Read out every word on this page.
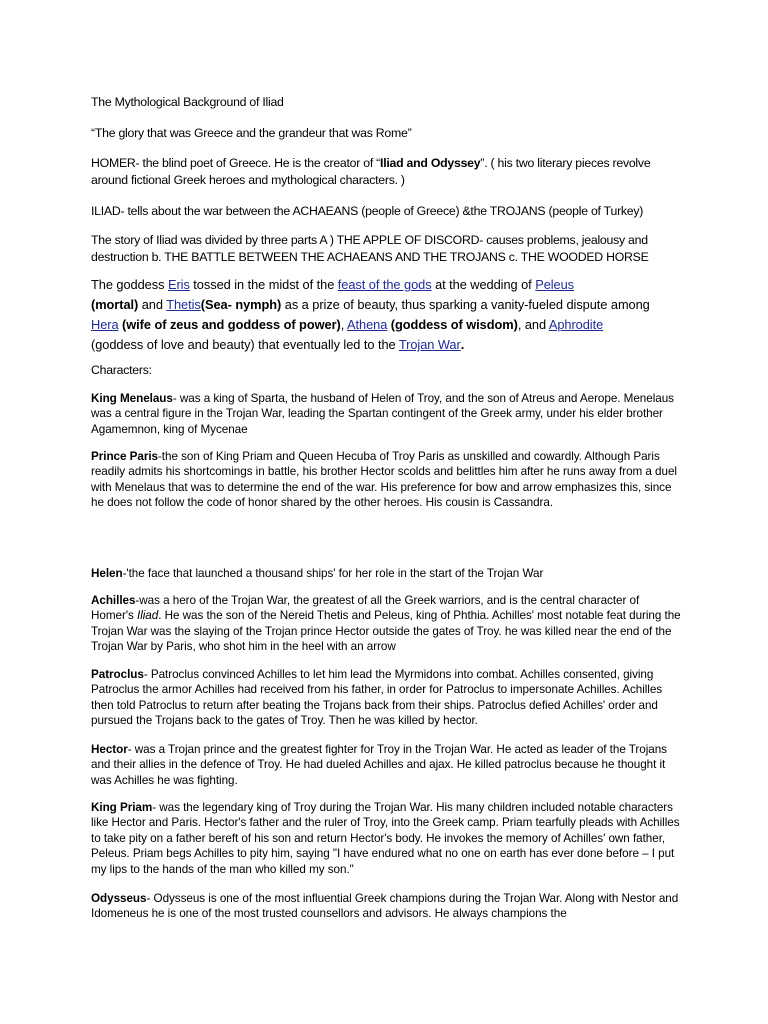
The Mythological Background of Iliad

“The glory that was Greece and the grandeur that was Rome”

HOMER- the blind poet of Greece. He is the creator of “Iliad and Odyssey”. ( his two literary pieces revolve around fictional Greek heroes and mythological characters. )

ILIAD- tells about the war between the ACHAEANS (people of Greece) &the TROJANS (people of Turkey)

The story of Iliad was divided by three parts A ) THE APPLE OF DISCORD- causes problems, jealousy and destruction b. THE BATTLE BETWEEN THE ACHAEANS AND THE TROJANS c. THE WOODED HORSE

The goddess Eris tossed in the midst of the feast of the gods at the wedding of Peleus
(mortal) and Thetis(Sea- nymph) as a prize of beauty, thus sparking a vanity-fueled dispute among Hera (wife of zeus and goddess of power), Athena (goddess of wisdom), and Aphrodite (goddess of love and beauty) that eventually led to the Trojan War.

Characters:

King Menelaus- was a king of Sparta, the husband of Helen of Troy, and the son of Atreus and Aerope. Menelaus was a central figure in the Trojan War, leading the Spartan contingent of the Greek army, under his elder brother Agamemnon, king of Mycenae

Prince Paris-the son of King Priam and Queen Hecuba of Troy Paris as unskilled and cowardly. Although Paris readily admits his shortcomings in battle, his brother Hector scolds and belittles him after he runs away from a duel with Menelaus that was to determine the end of the war. His preference for bow and arrow emphasizes this, since he does not follow the code of honor shared by the other heroes. His cousin is Cassandra.

Helen-'the face that launched a thousand ships' for her role in the start of the Trojan War

Achilles-was a hero of the Trojan War, the greatest of all the Greek warriors, and is the central character of Homer's Iliad. He was the son of the Nereid Thetis and Peleus, king of Phthia. Achilles' most notable feat during the Trojan War was the slaying of the Trojan prince Hector outside the gates of Troy. he was killed near the end of the Trojan War by Paris, who shot him in the heel with an arrow

Patroclus- Patroclus convinced Achilles to let him lead the Myrmidons into combat. Achilles consented, giving Patroclus the armor Achilles had received from his father, in order for Patroclus to impersonate Achilles. Achilles then told Patroclus to return after beating the Trojans back from their ships. Patroclus defied Achilles' order and pursued the Trojans back to the gates of Troy. Then he was killed by hector.

Hector- was a Trojan prince and the greatest fighter for Troy in the Trojan War. He acted as leader of the Trojans and their allies in the defence of Troy. He had dueled Achilles and ajax. He killed patroclus because he thought it was Achilles he was fighting.

King Priam- was the legendary king of Troy during the Trojan War. His many children included notable characters like Hector and Paris. Hector's father and the ruler of Troy, into the Greek camp. Priam tearfully pleads with Achilles to take pity on a father bereft of his son and return Hector's body. He invokes the memory of Achilles' own father, Peleus. Priam begs Achilles to pity him, saying "I have endured what no one on earth has ever done before – I put my lips to the hands of the man who killed my son."

Odysseus- Odysseus is one of the most influential Greek champions during the Trojan War. Along with Nestor and Idomeneus he is one of the most trusted counsellors and advisors. He always champions the
